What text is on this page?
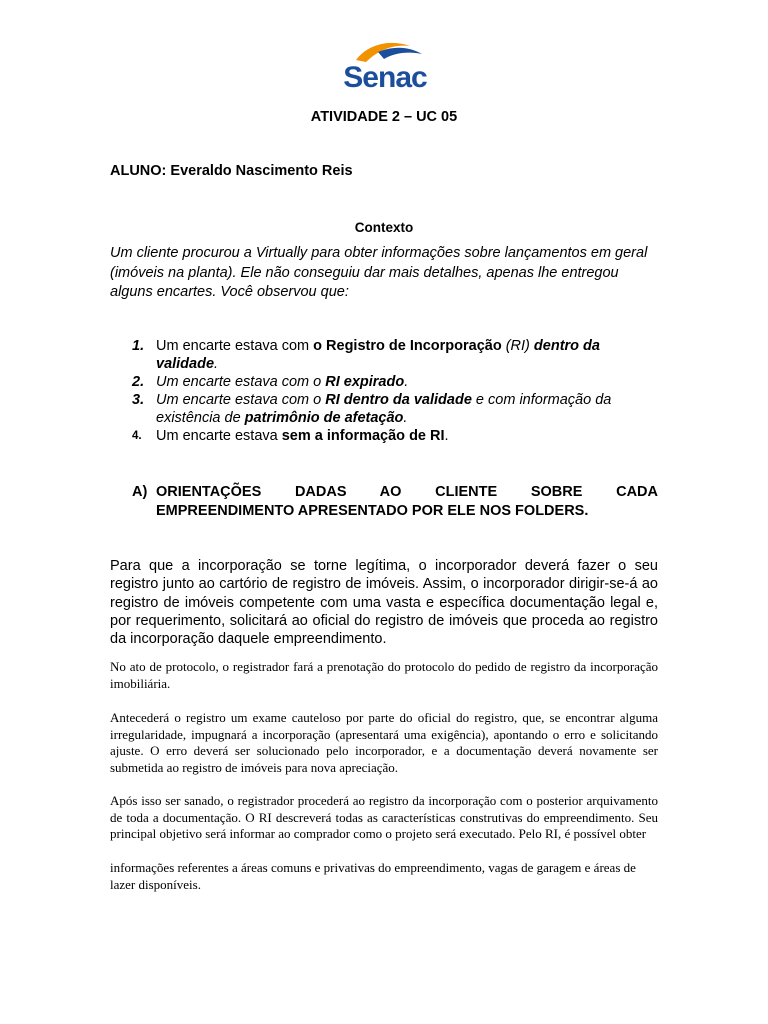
Senac
ATIVIDADE 2 – UC 05
ALUNO: Everaldo Nascimento Reis
Contexto
Um cliente procurou a Virtually para obter informações sobre lançamentos em geral (imóveis na planta). Ele não conseguiu dar mais detalhes, apenas lhe entregou alguns encartes. Você observou que:
1. Um encarte estava com o Registro de Incorporação (RI) dentro da validade.
2. Um encarte estava com o RI expirado.
3. Um encarte estava com o RI dentro da validade e com informação da existência de patrimônio de afetação.
4. Um encarte estava sem a informação de RI.
A) ORIENTAÇÕES DADAS AO CLIENTE SOBRE CADA
EMPREENDIMENTO APRESENTADO POR ELE NOS FOLDERS.
Para que a incorporação se torne legítima, o incorporador deverá fazer o seu registro junto ao cartório de registro de imóveis. Assim, o incorporador dirigir-se-á ao registro de imóveis competente com uma vasta e específica documentação legal e, por requerimento, solicitará ao oficial do registro de imóveis que proceda ao registro da incorporação daquele empreendimento.
No ato de protocolo, o registrador fará a prenotação do protocolo do pedido de registro da incorporação imobiliária.
Antecederá o registro um exame cauteloso por parte do oficial do registro, que, se encontrar alguma irregularidade, impugnará a incorporação (apresentará uma exigência), apontando o erro e solicitando ajuste. O erro deverá ser solucionado pelo incorporador, e a documentação deverá novamente ser submetida ao registro de imóveis para nova apreciação.
Após isso ser sanado, o registrador procederá ao registro da incorporação com o posterior arquivamento de toda a documentação. O RI descreverá todas as características construtivas do empreendimento. Seu principal objetivo será informar ao comprador como o projeto será executado. Pelo RI, é possível obter
informações referentes a áreas comuns e privativas do empreendimento, vagas de garagem e áreas de lazer disponíveis.
